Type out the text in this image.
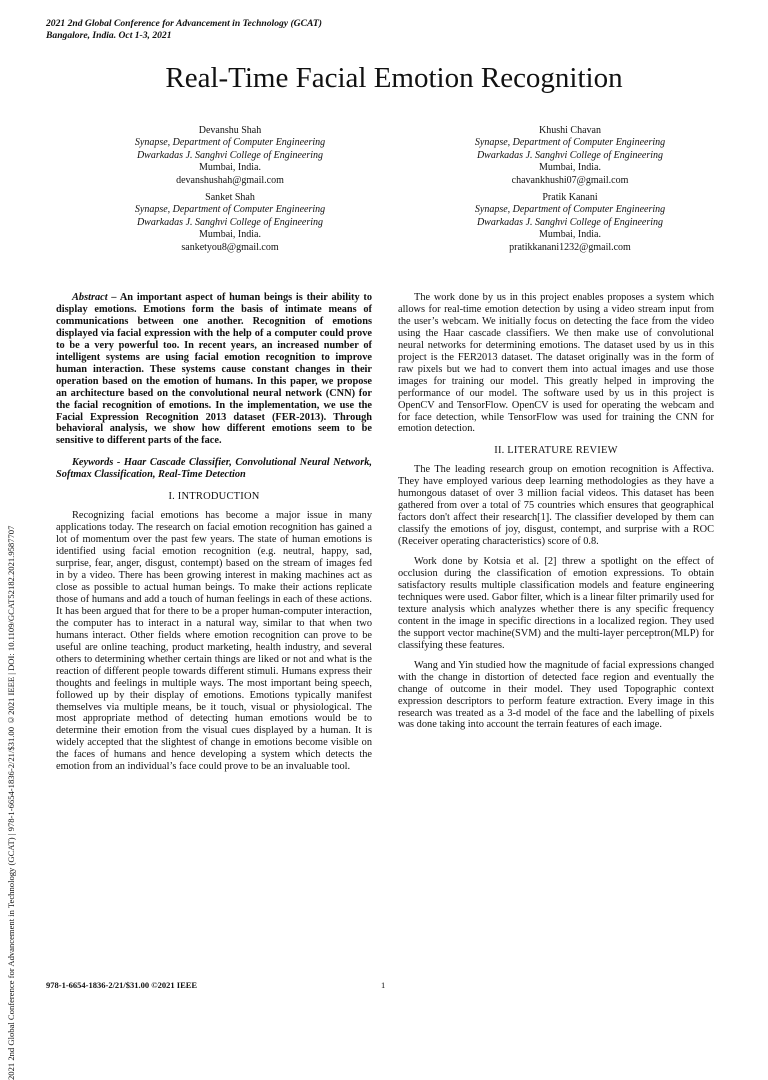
2021 2nd Global Conference for Advancement in Technology (GCAT)
Bangalore, India. Oct 1-3, 2021
2021 2nd Global Conference for Advancement in Technology (GCAT) | 978-1-6654-1836-2/21/$31.00 ©2021 IEEE | DOI: 10.1109/GCAT52182.2021.9587707
Real-Time Facial Emotion Recognition
Devanshu Shah
Synapse, Department of Computer Engineering
Dwarkadas J. Sanghvi College of Engineering
Mumbai, India.
devanshushah@gmail.com
Khushi Chavan
Synapse, Department of Computer Engineering
Dwarkadas J. Sanghvi College of Engineering
Mumbai, India.
chavankhushi07@gmail.com
Sanket Shah
Synapse, Department of Computer Engineering
Dwarkadas J. Sanghvi College of Engineering
Mumbai, India.
sanketyou8@gmail.com
Pratik Kanani
Synapse, Department of Computer Engineering
Dwarkadas J. Sanghvi College of Engineering
Mumbai, India.
pratikkanani1232@gmail.com

Abstract – An important aspect of human beings is their ability to display emotions. Emotions form the basis of intimate means of communications between one another. Recognition of emotions displayed via facial expression with the help of a computer could prove to be a very powerful too. In recent years, an increased number of intelligent systems are using facial emotion recognition to improve human interaction. These systems cause constant changes in their operation based on the emotion of humans. In this paper, we propose an architecture based on the convolutional neural network (CNN) for the facial recognition of emotions. In the implementation, we use the Facial Expression Recognition 2013 dataset (FER-2013). Through behavioral analysis, we show how different emotions seem to be sensitive to different parts of the face.

Keywords - Haar Cascade Classifier, Convolutional Neural Network, Softmax Classification, Real-Time Detection

I. INTRODUCTION

Recognizing facial emotions has become a major issue in many applications today. The research on facial emotion recognition has gained a lot of momentum over the past few years. The state of human emotions is identified using facial emotion recognition (e.g. neutral, happy, sad, surprise, fear, anger, disgust, contempt) based on the stream of images fed in by a video. There has been growing interest in making machines act as close as possible to actual human beings. To make their actions replicate those of humans and add a touch of human feelings in each of these actions. It has been argued that for there to be a proper human-computer interaction, the computer has to interact in a natural way, similar to that when two humans interact. Other fields where emotion recognition can prove to be useful are online teaching, product marketing, health industry, and several others to determining whether certain things are liked or not and what is the reaction of different people towards different stimuli. Humans express their thoughts and feelings in multiple ways. The most important being speech, followed up by their display of emotions. Emotions typically manifest themselves via multiple means, be it touch, visual or physiological. The most appropriate method of detecting human emotions would be to determine their emotion from the visual cues displayed by a human. It is widely accepted that the slightest of change in emotions become visible on the faces of humans and hence developing a system which detects the emotion from an individual’s face could prove to be an invaluable tool.

The work done by us in this project enables proposes a system which allows for real-time emotion detection by using a video stream input from the user’s webcam. We initially focus on detecting the face from the video using the Haar cascade classifiers. We then make use of convolutional neural networks for determining emotions. The dataset used by us in this project is the FER2013 dataset. The dataset originally was in the form of raw pixels but we had to convert them into actual images and use those images for training our model. This greatly helped in improving the performance of our model. The software used by us in this project is OpenCV and TensorFlow. OpenCV is used for operating the webcam and for face detection, while TensorFlow was used for training the CNN for emotion detection.

II. LITERATURE REVIEW

The The leading research group on emotion recognition is Affectiva. They have employed various deep learning methodologies as they have a humongous dataset of over 3 million facial videos. This dataset has been gathered from over a total of 75 countries which ensures that geographical factors don't affect their research[1]. The classifier developed by them can classify the emotions of joy, disgust, contempt, and surprise with a ROC (Receiver operating characteristics) score of 0.8.

Work done by Kotsia et al. [2] threw a spotlight on the effect of occlusion during the classification of emotion expressions. To obtain satisfactory results multiple classification models and feature engineering techniques were used. Gabor filter, which is a linear filter primarily used for texture analysis which analyzes whether there is any specific frequency content in the image in specific directions in a localized region. They used the support vector machine(SVM) and the multi-layer perceptron(MLP) for classifying these features.

Wang and Yin studied how the magnitude of facial expressions changed with the change in distortion of detected face region and eventually the change of outcome in their model. They used Topographic context expression descriptors to perform feature extraction. Every image in this research was treated as a 3-d model of the face and the labelling of pixels was done taking into account the terrain features of each image.

978-1-6654-1836-2/21/$31.00 ©2021 IEEE	1
